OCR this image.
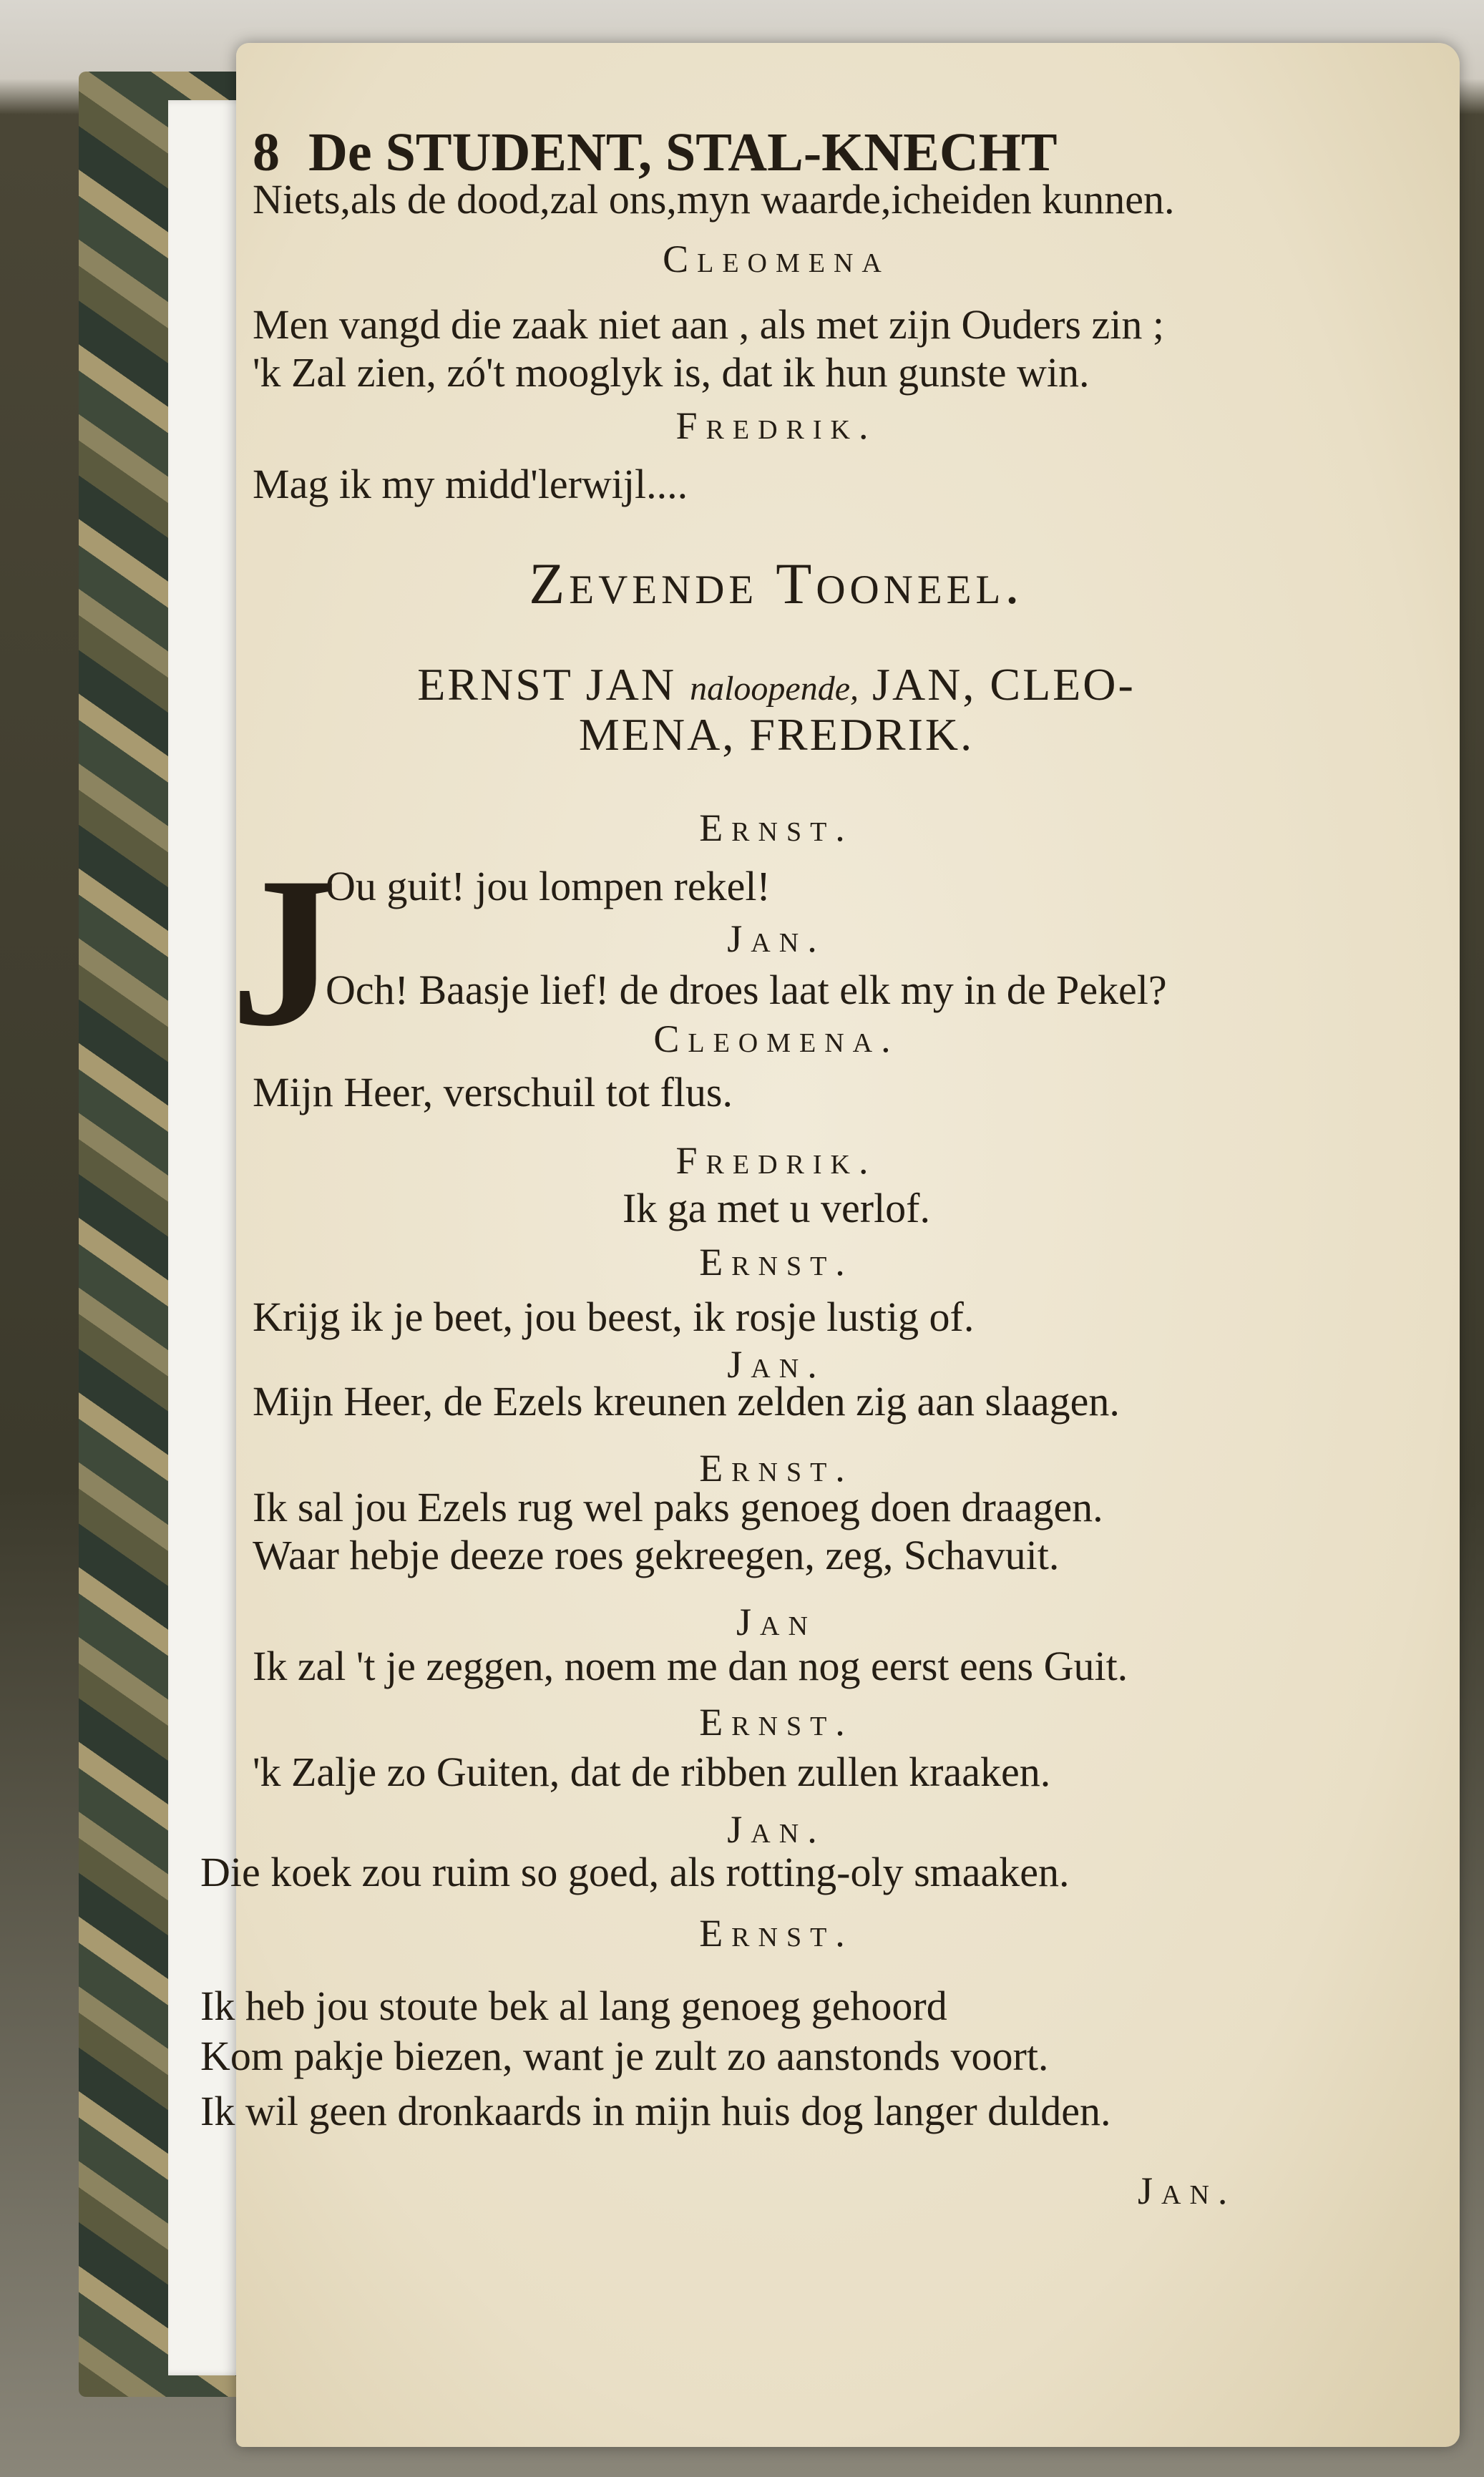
8 De STUDENT, STAL-KNECHT
Niets,als de dood,zal ons,myn waarde,icheiden kunnen.
Cleomena
Men vangd die zaak niet aan , als met zijn Ouders zin ;
'k Zal zien, zó't mooglyk is, dat ik hun gunste win.
Fredrik.
Mag ik my midd'lerwijl....
Zevende Tooneel.
ERNST JAN naloopende, JAN, CLEO-
MENA, FREDRIK.
J
Ernst.
Ou guit! jou lompen rekel!
Jan.
Och! Baasje lief! de droes laat elk my in de Pekel?
Cleomena.
Mijn Heer, verschuil tot flus.
Fredrik.
Ik ga met u verlof.
Ernst.
Krijg ik je beet, jou beest, ik rosje lustig of.
Jan.
Mijn Heer, de Ezels kreunen zelden zig aan slaagen.
Ernst.
Ik sal jou Ezels rug wel paks genoeg doen draagen.
Waar hebje deeze roes gekreegen, zeg, Schavuit.
Jan
Ik zal 't je zeggen, noem me dan nog eerst eens Guit.
Ernst.
'k Zalje zo Guiten, dat de ribben zullen kraaken.
Jan.
Die koek zou ruim so goed, als rotting-oly smaaken.
Ernst.
Ik heb jou stoute bek al lang genoeg gehoord
Kom pakje biezen, want je zult zo aanstonds voort.
Ik wil geen dronkaards in mijn huis dog langer dulden.
Jan.
